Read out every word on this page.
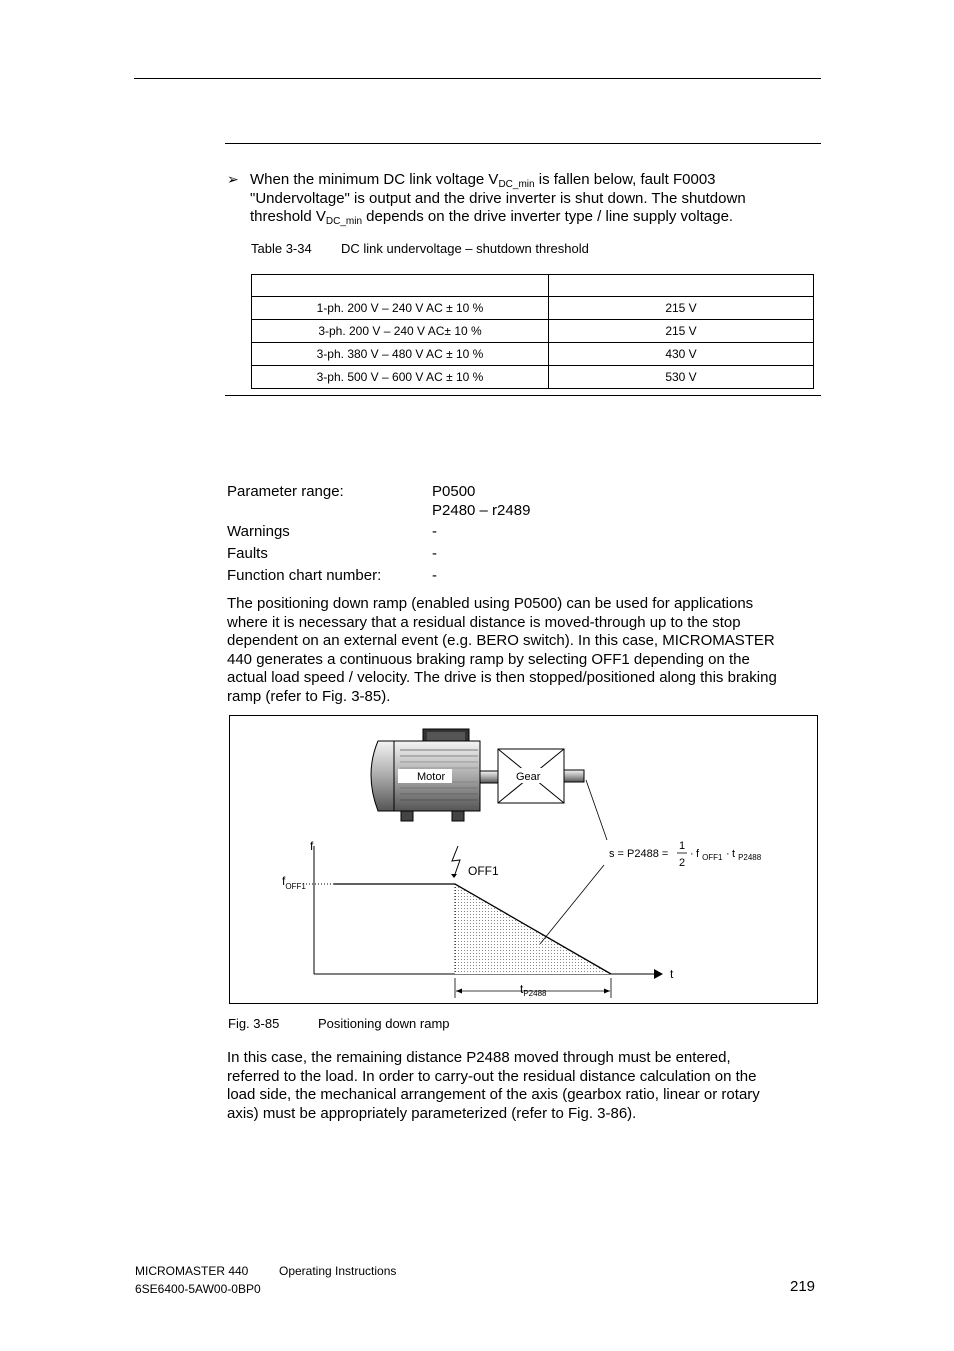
➢ When the minimum DC link voltage $V_{DC\_min}$ is fallen below, fault F0003
"Undervoltage" is output and the drive inverter is shut down. The shutdown
threshold $V_{DC\_min}$ depends on the drive inverter type / line supply voltage.
Table 3-34 DC link undervoltage – shutdown threshold

1-ph. 200 V – 240 V AC ± 10 %	215 V
3-ph. 200 V – 240 V AC± 10 %	215 V
3-ph. 380 V – 480 V AC ± 10 %	430 V
3-ph. 500 V – 600 V AC ± 10 %	530 V
Parameter range:	P0500
P2480 – r2489
Warnings	-
Faults	-
Function chart number:	-
The positioning down ramp (enabled using P0500) can be used for applications
where it is necessary that a residual distance is moved-through up to the stop
dependent on an external event (e.g. BERO switch). In this case, MICROMASTER
440 generates a continuous braking ramp by selecting OFF1 depending on the
actual load speed / velocity. The drive is then stopped/positioned along this braking
ramp (refer to Fig. 3-85).
Motor	Gear
f
t
$f_{OFF1}$
OFF1
$t_{P2488}$
s = P2488 =
1
2
· f $_{OFF1}$ · t $_{P2488}$
Fig. 3-85	Positioning down ramp
In this case, the remaining distance P2488 moved through must be entered,
referred to the load. In order to carry-out the residual distance calculation on the
load side, the mechanical arrangement of the axis (gearbox ratio, linear or rotary
axis) must be appropriately parameterized (refer to Fig. 3-86).
MICROMASTER 440	Operating Instructions
6SE6400-5AW00-0BP0	219
